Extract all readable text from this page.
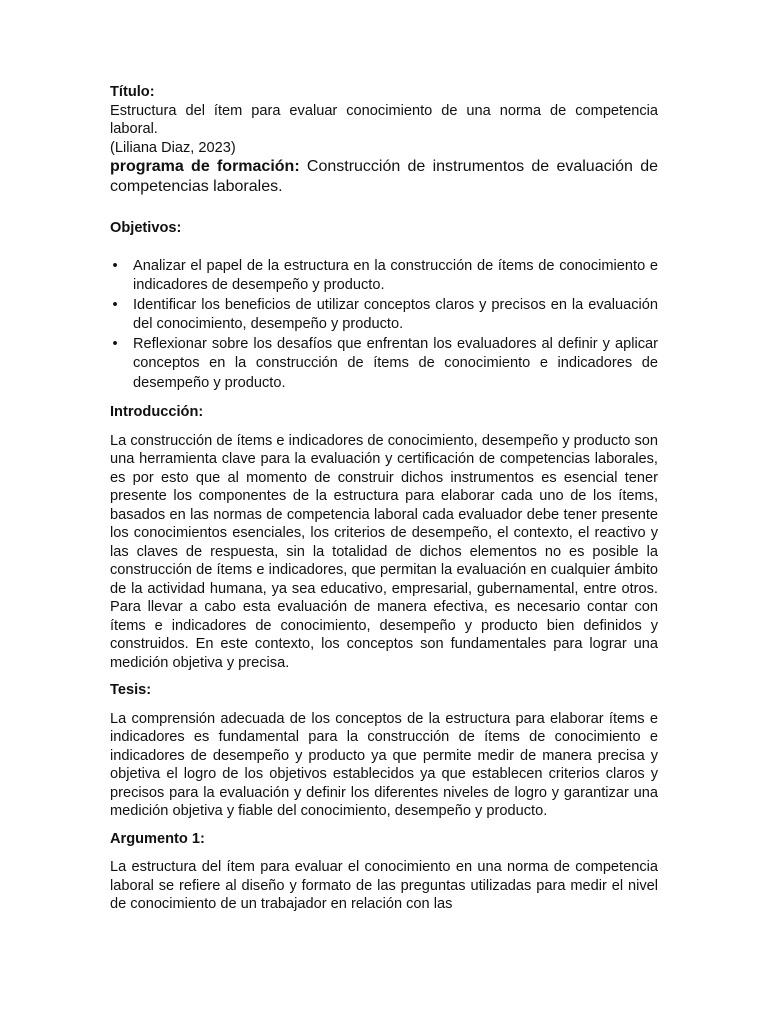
Título:

Estructura del ítem para evaluar conocimiento de una norma de competencia laboral.

(Liliana Diaz, 2023)

programa de formación: Construcción de instrumentos de evaluación de competencias laborales.

Objetivos:

• Analizar el papel de la estructura en la construcción de ítems de conocimiento e indicadores de desempeño y producto.
• Identificar los beneficios de utilizar conceptos claros y precisos en la evaluación del conocimiento, desempeño y producto.
• Reflexionar sobre los desafíos que enfrentan los evaluadores al definir y aplicar conceptos en la construcción de ítems de conocimiento e indicadores de desempeño y producto.

Introducción:

La construcción de ítems e indicadores de conocimiento, desempeño y producto son una herramienta clave para la evaluación y certificación de competencias laborales, es por esto que al momento de construir dichos instrumentos es esencial tener presente los componentes de la estructura para elaborar cada uno de los ítems, basados en las normas de competencia laboral cada evaluador debe tener presente los conocimientos esenciales, los criterios de desempeño, el contexto, el reactivo y las claves de respuesta, sin la totalidad de dichos elementos no es posible la construcción de ítems e indicadores, que permitan la evaluación en cualquier ámbito de la actividad humana, ya sea educativo, empresarial, gubernamental, entre otros. Para llevar a cabo esta evaluación de manera efectiva, es necesario contar con ítems e indicadores de conocimiento, desempeño y producto bien definidos y construidos. En este contexto, los conceptos son fundamentales para lograr una medición objetiva y precisa.

Tesis:

La comprensión adecuada de los conceptos de la estructura para elaborar ítems e indicadores es fundamental para la construcción de ítems de conocimiento e indicadores de desempeño y producto ya que permite medir de manera precisa y objetiva el logro de los objetivos establecidos ya que establecen criterios claros y precisos para la evaluación y definir los diferentes niveles de logro y garantizar una medición objetiva y fiable del conocimiento, desempeño y producto.

Argumento 1:

La estructura del ítem para evaluar el conocimiento en una norma de competencia laboral se refiere al diseño y formato de las preguntas utilizadas para medir el nivel de conocimiento de un trabajador en relación con las
